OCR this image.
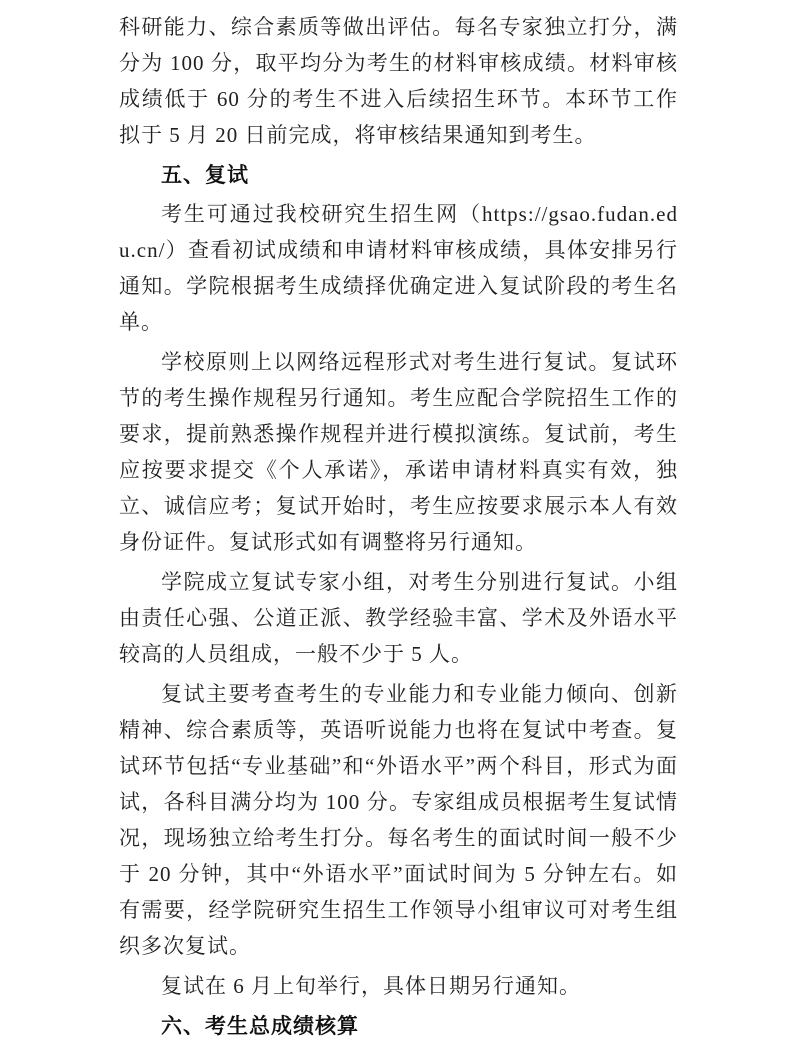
科研能力、综合素质等做出评估。每名专家独立打分，满分为 100 分，取平均分为考生的材料审核成绩。材料审核成绩低于 60 分的考生不进入后续招生环节。本环节工作拟于 5 月 20 日前完成，将审核结果通知到考生。

五、复试

考生可通过我校研究生招生网（https://gsao.fudan.edu.cn/）查看初试成绩和申请材料审核成绩，具体安排另行通知。学院根据考生成绩择优确定进入复试阶段的考生名单。

学校原则上以网络远程形式对考生进行复试。复试环节的考生操作规程另行通知。考生应配合学院招生工作的要求，提前熟悉操作规程并进行模拟演练。复试前，考生应按要求提交《个人承诺》，承诺申请材料真实有效，独立、诚信应考；复试开始时，考生应按要求展示本人有效身份证件。复试形式如有调整将另行通知。

学院成立复试专家小组，对考生分别进行复试。小组由责任心强、公道正派、教学经验丰富、学术及外语水平较高的人员组成，一般不少于 5 人。

复试主要考查考生的专业能力和专业能力倾向、创新精神、综合素质等，英语听说能力也将在复试中考查。复试环节包括“专业基础”和“外语水平”两个科目，形式为面试，各科目满分均为 100 分。专家组成员根据考生复试情况，现场独立给考生打分。每名考生的面试时间一般不少于 20 分钟，其中“外语水平”面试时间为 5 分钟左右。如有需要，经学院研究生招生工作领导小组审议可对考生组织多次复试。

复试在 6 月上旬举行，具体日期另行通知。

六、考生总成绩核算
